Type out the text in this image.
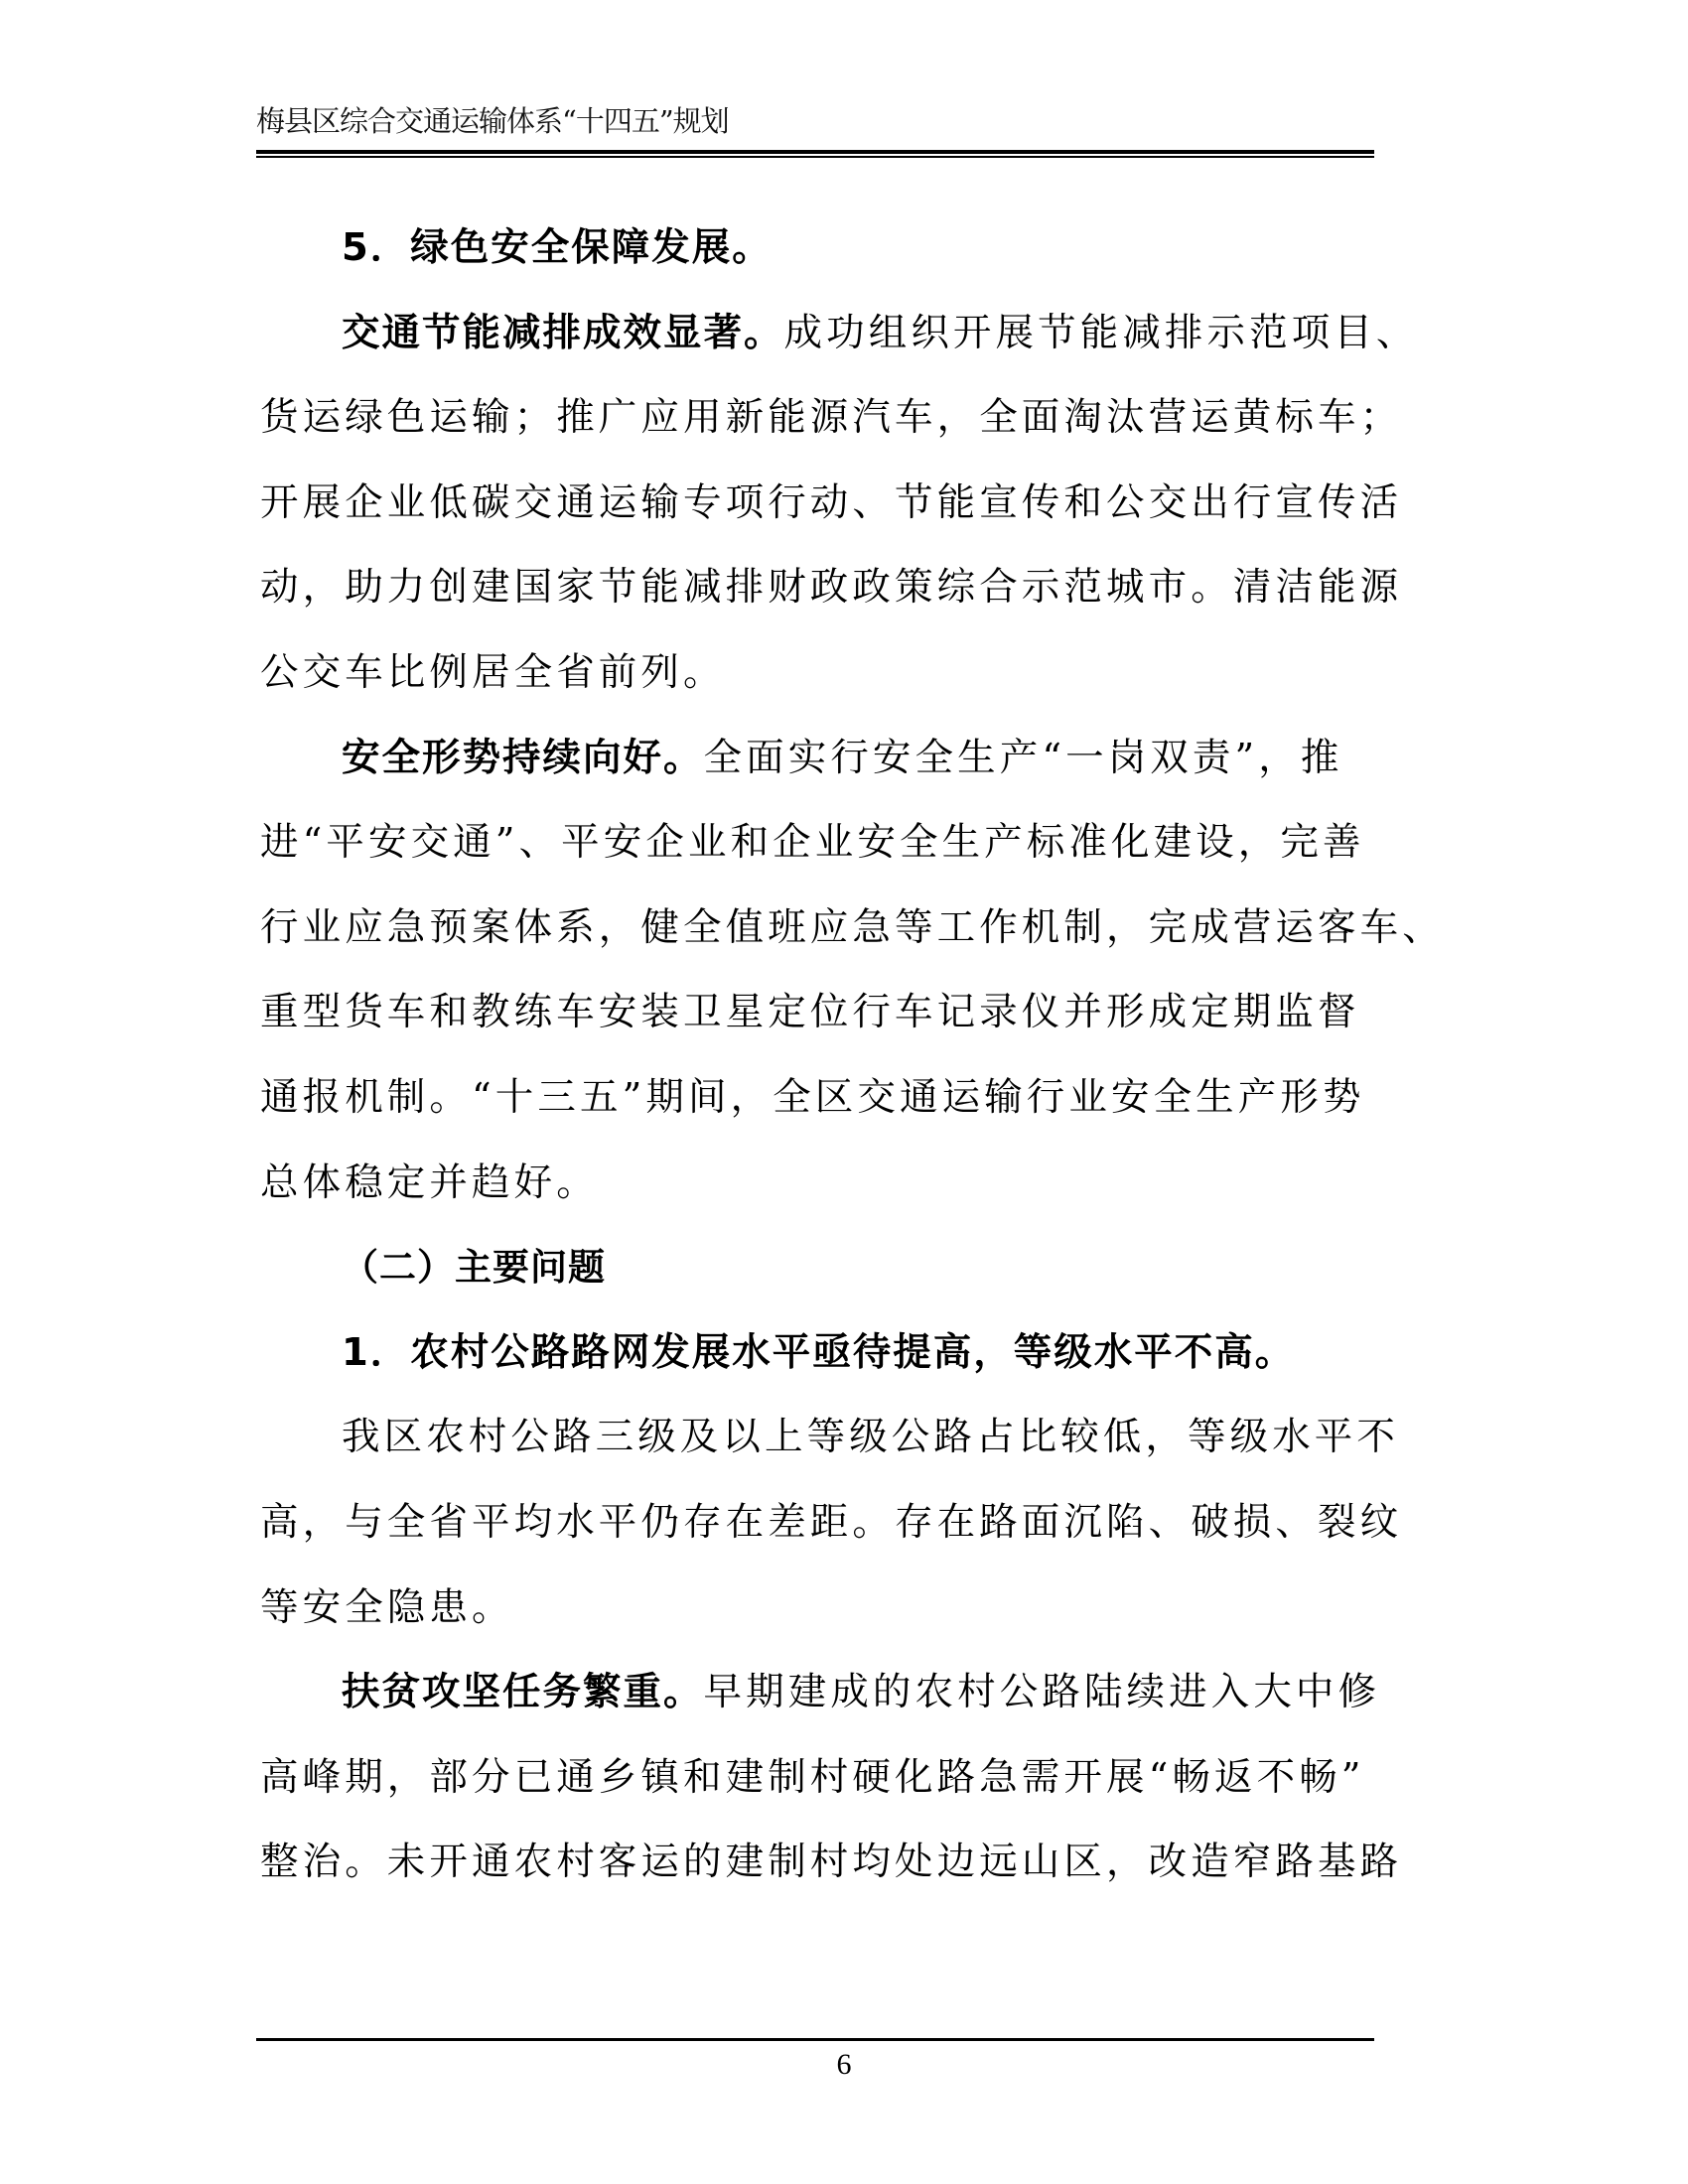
梅县区综合交通运输体系“十四五”规划
5．绿色安全保障发展。
交通节能减排成效显著。成功组织开展节能减排示范项目、
货运绿色运输；推广应用新能源汽车，全面淘汰营运黄标车；
开展企业低碳交通运输专项行动、节能宣传和公交出行宣传活
动，助力创建国家节能减排财政政策综合示范城市。清洁能源
公交车比例居全省前列。
安全形势持续向好。全面实行安全生产“一岗双责”，推
进“平安交通”、平安企业和企业安全生产标准化建设，完善
行业应急预案体系，健全值班应急等工作机制，完成营运客车、
重型货车和教练车安装卫星定位行车记录仪并形成定期监督
通报机制。“十三五”期间，全区交通运输行业安全生产形势
总体稳定并趋好。
（二）主要问题
1．农村公路路网发展水平亟待提高，等级水平不高。
我区农村公路三级及以上等级公路占比较低，等级水平不
高，与全省平均水平仍存在差距。存在路面沉陷、破损、裂纹
等安全隐患。
扶贫攻坚任务繁重。早期建成的农村公路陆续进入大中修
高峰期，部分已通乡镇和建制村硬化路急需开展“畅返不畅”
整治。未开通农村客运的建制村均处边远山区，改造窄路基路
6
